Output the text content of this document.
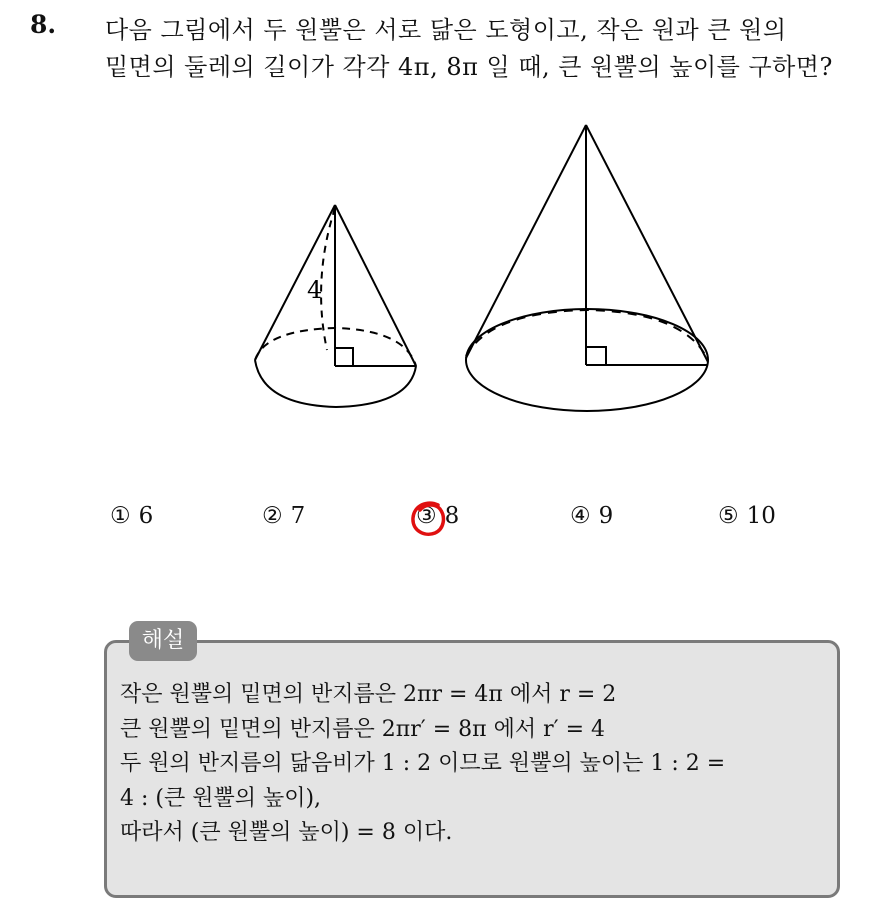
8. 다음 그림에서 두 원뿔은 서로 닮은 도형이고, 작은 원과 큰 원의
밑면의 둘레의 길이가 각각 4π, 8π 일 때, 큰 원뿔의 높이를 구하면?
4
① 6	② 7	③ 8	④ 9	⑤ 10
해설
작은 원뿔의 밑면의 반지름은 2πr = 4π 에서 r = 2
큰 원뿔의 밑면의 반지름은 2πr′ = 8π 에서 r′ = 4
두 원의 반지름의 닮음비가 1 : 2 이므로 원뿔의 높이는 1 : 2 =
4 : (큰 원뿔의 높이),
따라서 (큰 원뿔의 높이) = 8 이다.
